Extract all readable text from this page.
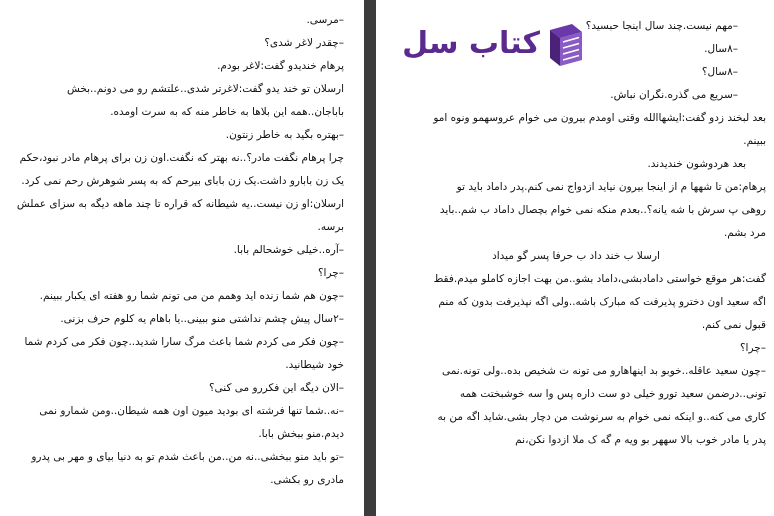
–مرسی.
–چقدر لاغر شدی؟
پرهام خندیدو گفت:لاغر بودم.
ارسلان تو خند یدو گفت:لاغرتر شدی..علتشم رو می دونم..بخش
باباجان..همه این بلاها به خاطر منه که به سرت اومده.
–بهتره بگید به خاطر زنتون.
چرا پرهام نگفت مادر؟..نه بهتر که نگفت.اون زن برای پرهام مادر نبود،حکم
یک زن بابارو داشت.یک زن بابای بیرحم که به پسر شوهرش رحم نمی کرد.
ارسلان:او زن نیست..یه شیطانه که قراره تا چند ماهه دیگه به سزای عملش
برسه.
–آره..خیلی خوشحالم بابا.
–چرا؟
–چون هم شما زنده اید وهمم من می تونم شما رو هفته ای یکبار ببینم.
–۲سال پیش چشم نداشتی منو ببینی..یا باهام یه کلوم حرف بزنی.
–چون فکر می کردم شما باعث مرگ سارا شدید..چون فکر می کردم شما
خود شیطانید.
–الان دیگه این فکررو می کنی؟
–نه..شما تنها فرشته ای بودید میون اون همه شیطان..ومن شمارو نمی
دیدم.منو ببخش بابا.
–تو باید منو ببخشی..نه من..من باعث شدم تو به دنیا بیای و مهر بی پدرو
مادری رو بکشی.
کتاب سل	–مهم نیست.چند سال اینجا حبسید؟
–۸سال.
–۸سال؟
–سریع می گذره.نگران نباش.
بعد لبخند زدو گفت:ایشهاالله وقتی اومدم بیرون می خوام عروسهمو ونوه امو
ببینم.
بعد هردوشون خندیدند.
پرهام:من تا شهها م از اینجا بیرون نیاید ازدواج نمی کنم.پدر داماد باید تو
روهی پ سرش با شه یانه؟..بعدم منکه نمی خوام بچصال داماد ب شم..باید
مرد بشم.
ارسلا ب خند داد ب حرفا پسر گو میداد
گفت:هر موقع خواستی دامادبشی،داماد بشو..من بهت اجازه کاملو میدم.فقط
اگه سعید اون دخترو پذیرفت که مبارک باشه..ولی اگه نپذیرفت بدون که منم
قبول نمی کنم.
–چرا؟
–چون سعید عاقله..خوبو بد اینهاهارو می تونه ت شخیص بده..ولی تونه.نمی
تونی..درضمن سعید تورو خیلی دو ست داره پس وا سه خوشبختت همه
کاری می کنه..و اینکه نمی خوام به سرنوشت من دچار بشی.شاید اگه من به
پدر یا مادر خوب بالا سههر بو ویه م گه ک ملا ازدوا نکن،نم
